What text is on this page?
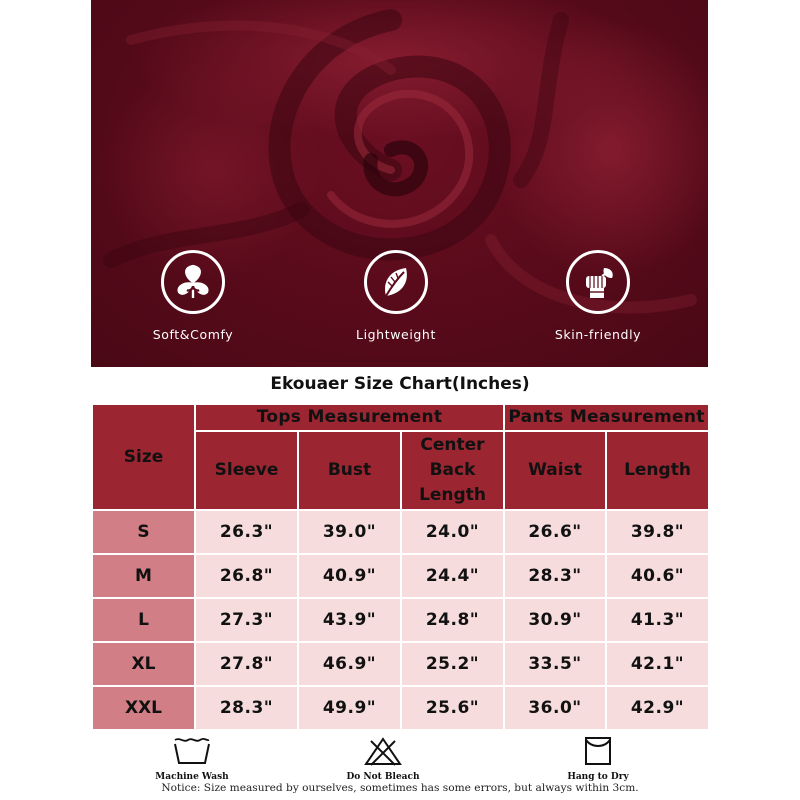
Soft&Comfy	Lightweight	Skin-friendly
Ekouaer Size Chart(Inches)
Size	Tops Measurement			Pants Measurement	
	Sleeve	Bust	Center Back Length	Waist	Length
S	26.3"	39.0"	24.0"	26.6"	39.8"
M	26.8"	40.9"	24.4"	28.3"	40.6"
L	27.3"	43.9"	24.8"	30.9"	41.3"
XL	27.8"	46.9"	25.2"	33.5"	42.1"
XXL	28.3"	49.9"	25.6"	36.0"	42.9"
Machine Wash	Do Not Bleach	Hang to Dry
Notice: Size measured by ourselves, sometimes has some errors, but always within 3cm.
